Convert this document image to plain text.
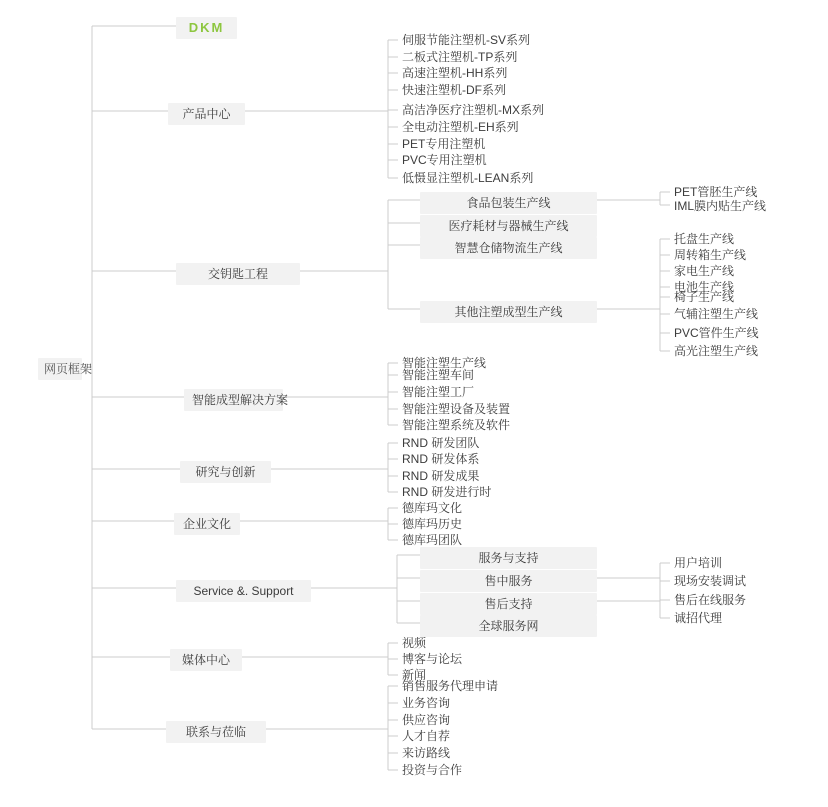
网页框架
DKM
产品中心
伺服节能注塑机-SV系列
二板式注塑机-TP系列
高速注塑机-HH系列
快速注塑机-DF系列
高洁净医疗注塑机-MX系列
全电动注塑机-EH系列
PET专用注塑机
PVC专用注塑机
低慑显注塑机-LEAN系列
交钥匙工程
食品包装生产线
医疗耗材与器械生产线
智慧仓储物流生产线
其他注塑成型生产线
PET管胚生产线
IML膜内贴生产线
托盘生产线
周转箱生产线
家电生产线
电池生产线
椅子生产线
气辅注塑生产线
PVC管件生产线
高光注塑生产线
智能成型解决方案
智能注塑生产线
智能注塑车间
智能注塑工厂
智能注塑设备及装置
智能注塑系统及软件
研究与创新
RND 研发团队
RND 研发体系
RND 研发成果
RND 研发进行时
企业文化
德库玛文化
德库玛历史
德库玛团队
Service &. Support
服务与支持
售中服务
售后支持
全球服务网
用户培训
现场安装调试
售后在线服务
诚招代理
媒体中心
视频
博客与论坛
新闻
联系与莅临
销售服务代理申请
业务咨询
供应咨询
人才自荐
来访路线
投资与合作
